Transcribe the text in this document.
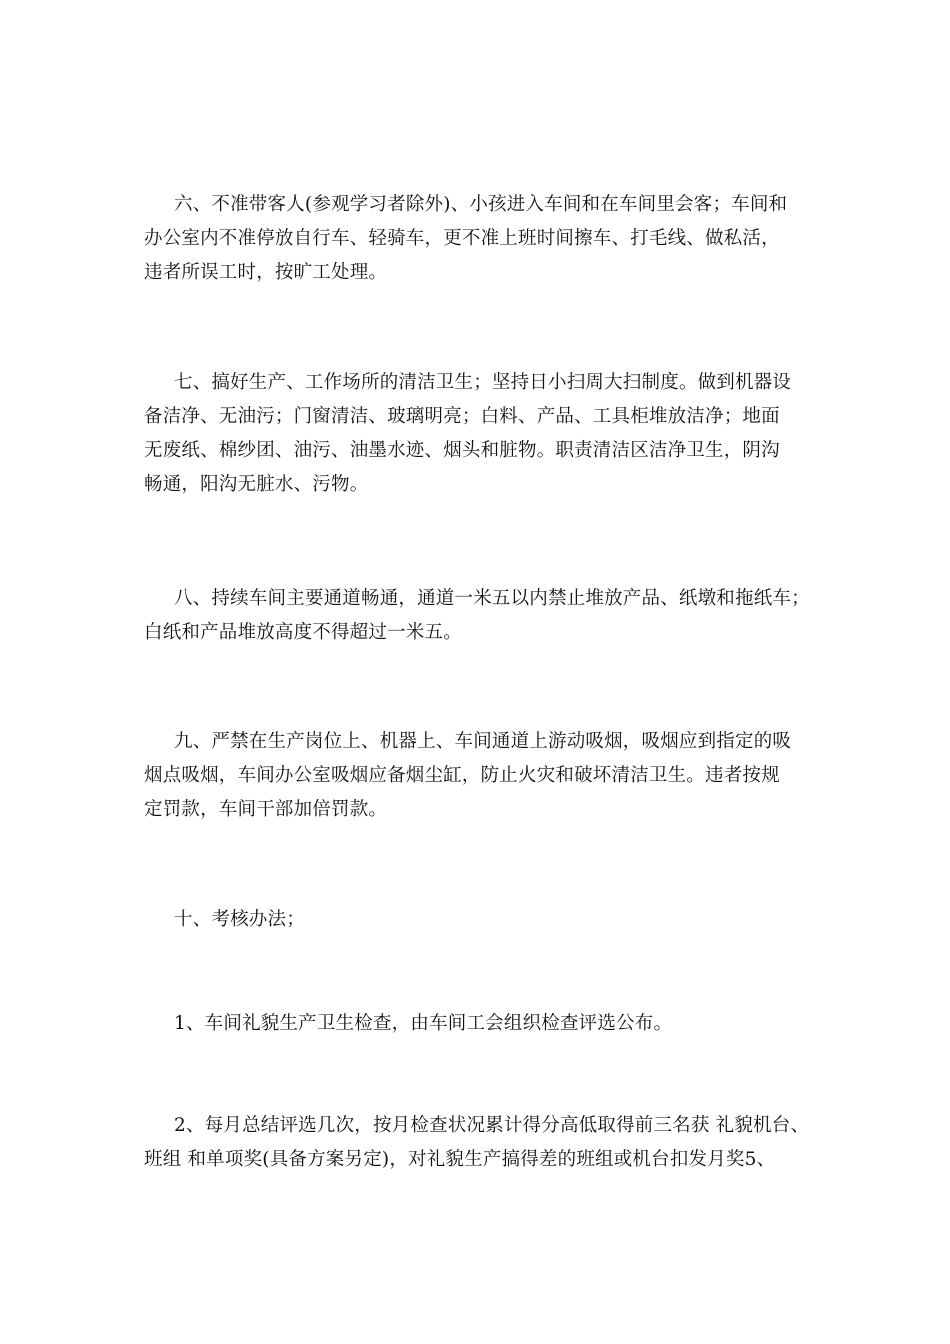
六、不准带客人(参观学习者除外)、小孩进入车间和在车间里会客；车间和
办公室内不准停放自行车、轻骑车，更不准上班时间擦车、打毛线、做私活，
违者所误工时，按旷工处理。
七、搞好生产、工作场所的清洁卫生；坚持日小扫周大扫制度。做到机器设
备洁净、无油污；门窗清洁、玻璃明亮；白料、产品、工具柜堆放洁净；地面
无废纸、棉纱团、油污、油墨水迹、烟头和脏物。职责清洁区洁净卫生，阴沟
畅通，阳沟无脏水、污物。
八、持续车间主要通道畅通，通道一米五以内禁止堆放产品、纸墩和拖纸车；
白纸和产品堆放高度不得超过一米五。
九、严禁在生产岗位上、机器上、车间通道上游动吸烟，吸烟应到指定的吸
烟点吸烟，车间办公室吸烟应备烟尘缸，防止火灾和破坏清洁卫生。违者按规
定罚款，车间干部加倍罚款。
十、考核办法；
1、车间礼貌生产卫生检查，由车间工会组织检查评选公布。
2、每月总结评选几次，按月检查状况累计得分高低取得前三名获 礼貌机台、
班组 和单项奖(具备方案另定)，对礼貌生产搞得差的班组或机台扣发月奖5、
